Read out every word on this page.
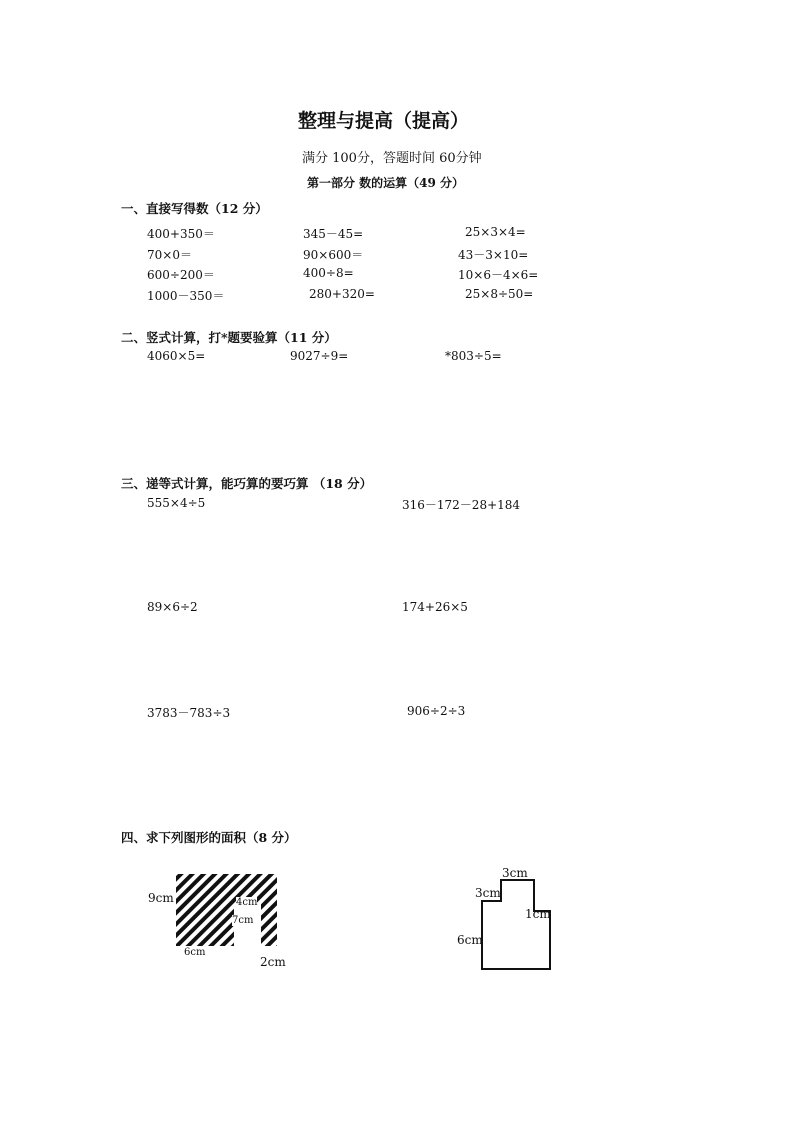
整理与提高（提高）
满分 100分，答题时间 60分钟
第一部分 数的运算（49 分）
一、直接写得数（12 分）
400+350＝	345－45=	25×3×4=
70×0＝	90×600＝	43－3×10=
600÷200＝	400÷8=	10×6－4×6=
1000－350＝	280+320=	25×8÷50=
二、竖式计算，打*题要验算（11 分）
4060×5=	9027÷9=	*803÷5=
三、递等式计算，能巧算的要巧算 （18 分）
555×4÷5	316－172－28+184
89×6÷2	174+26×5
3783－783÷3	906÷2÷3
四、求下列图形的面积（8 分）
9cm	4cm
7cm
6cm
2cm
3cm
3cm
1cm
6cm
